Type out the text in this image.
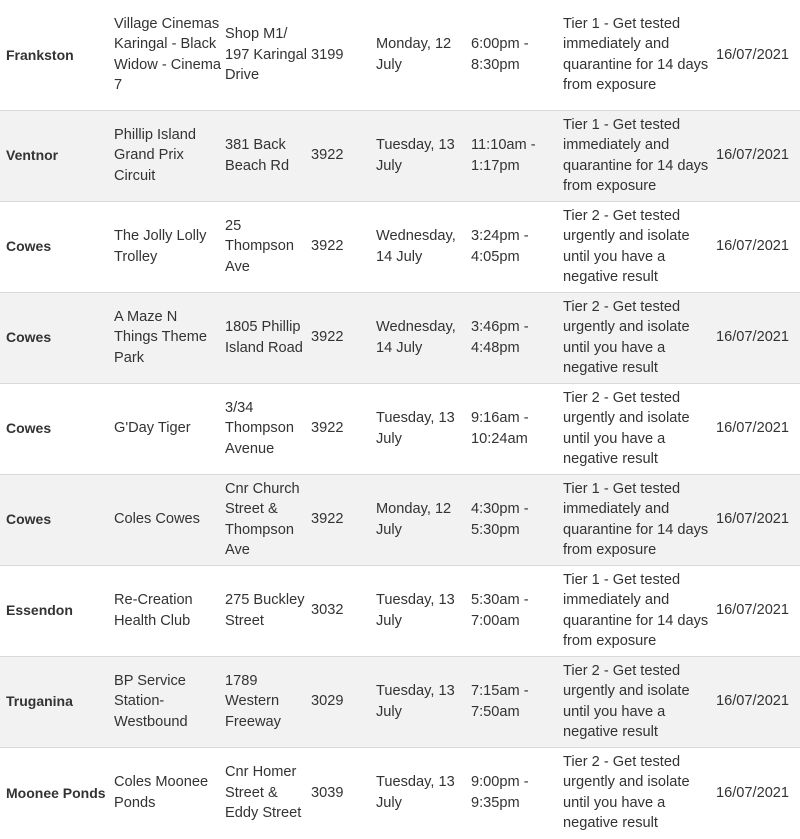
Frankston	Village Cinemas Karingal - Black Widow - Cinema 7	Shop M1/ 197 Karingal Drive	3199	Monday, 12 July	6:00pm - 8:30pm	Tier 1 - Get tested immediately and quarantine for 14 days from exposure	16/07/2021
Ventnor	Phillip Island Grand Prix Circuit	381 Back Beach Rd	3922	Tuesday, 13 July	11:10am - 1:17pm	Tier 1 - Get tested immediately and quarantine for 14 days from exposure	16/07/2021
Cowes	The Jolly Lolly Trolley	25 Thompson Ave	3922	Wednesday, 14 July	3:24pm - 4:05pm	Tier 2 - Get tested urgently and isolate until you have a negative result	16/07/2021
Cowes	A Maze N Things Theme Park	1805 Phillip Island Road	3922	Wednesday, 14 July	3:46pm - 4:48pm	Tier 2 - Get tested urgently and isolate until you have a negative result	16/07/2021
Cowes	G'Day Tiger	3/34 Thompson Avenue	3922	Tuesday, 13 July	9:16am - 10:24am	Tier 2 - Get tested urgently and isolate until you have a negative result	16/07/2021
Cowes	Coles Cowes	Cnr Church Street & Thompson Ave	3922	Monday, 12 July	4:30pm - 5:30pm	Tier 1 - Get tested immediately and quarantine for 14 days from exposure	16/07/2021
Essendon	Re-Creation Health Club	275 Buckley Street	3032	Tuesday, 13 July	5:30am - 7:00am	Tier 1 - Get tested immediately and quarantine for 14 days from exposure	16/07/2021
Truganina	BP Service Station- Westbound	1789 Western Freeway	3029	Tuesday, 13 July	7:15am - 7:50am	Tier 2 - Get tested urgently and isolate until you have a negative result	16/07/2021
Moonee Ponds	Coles Moonee Ponds	Cnr Homer Street & Eddy Street	3039	Tuesday, 13 July	9:00pm - 9:35pm	Tier 2 - Get tested urgently and isolate until you have a negative result	16/07/2021
